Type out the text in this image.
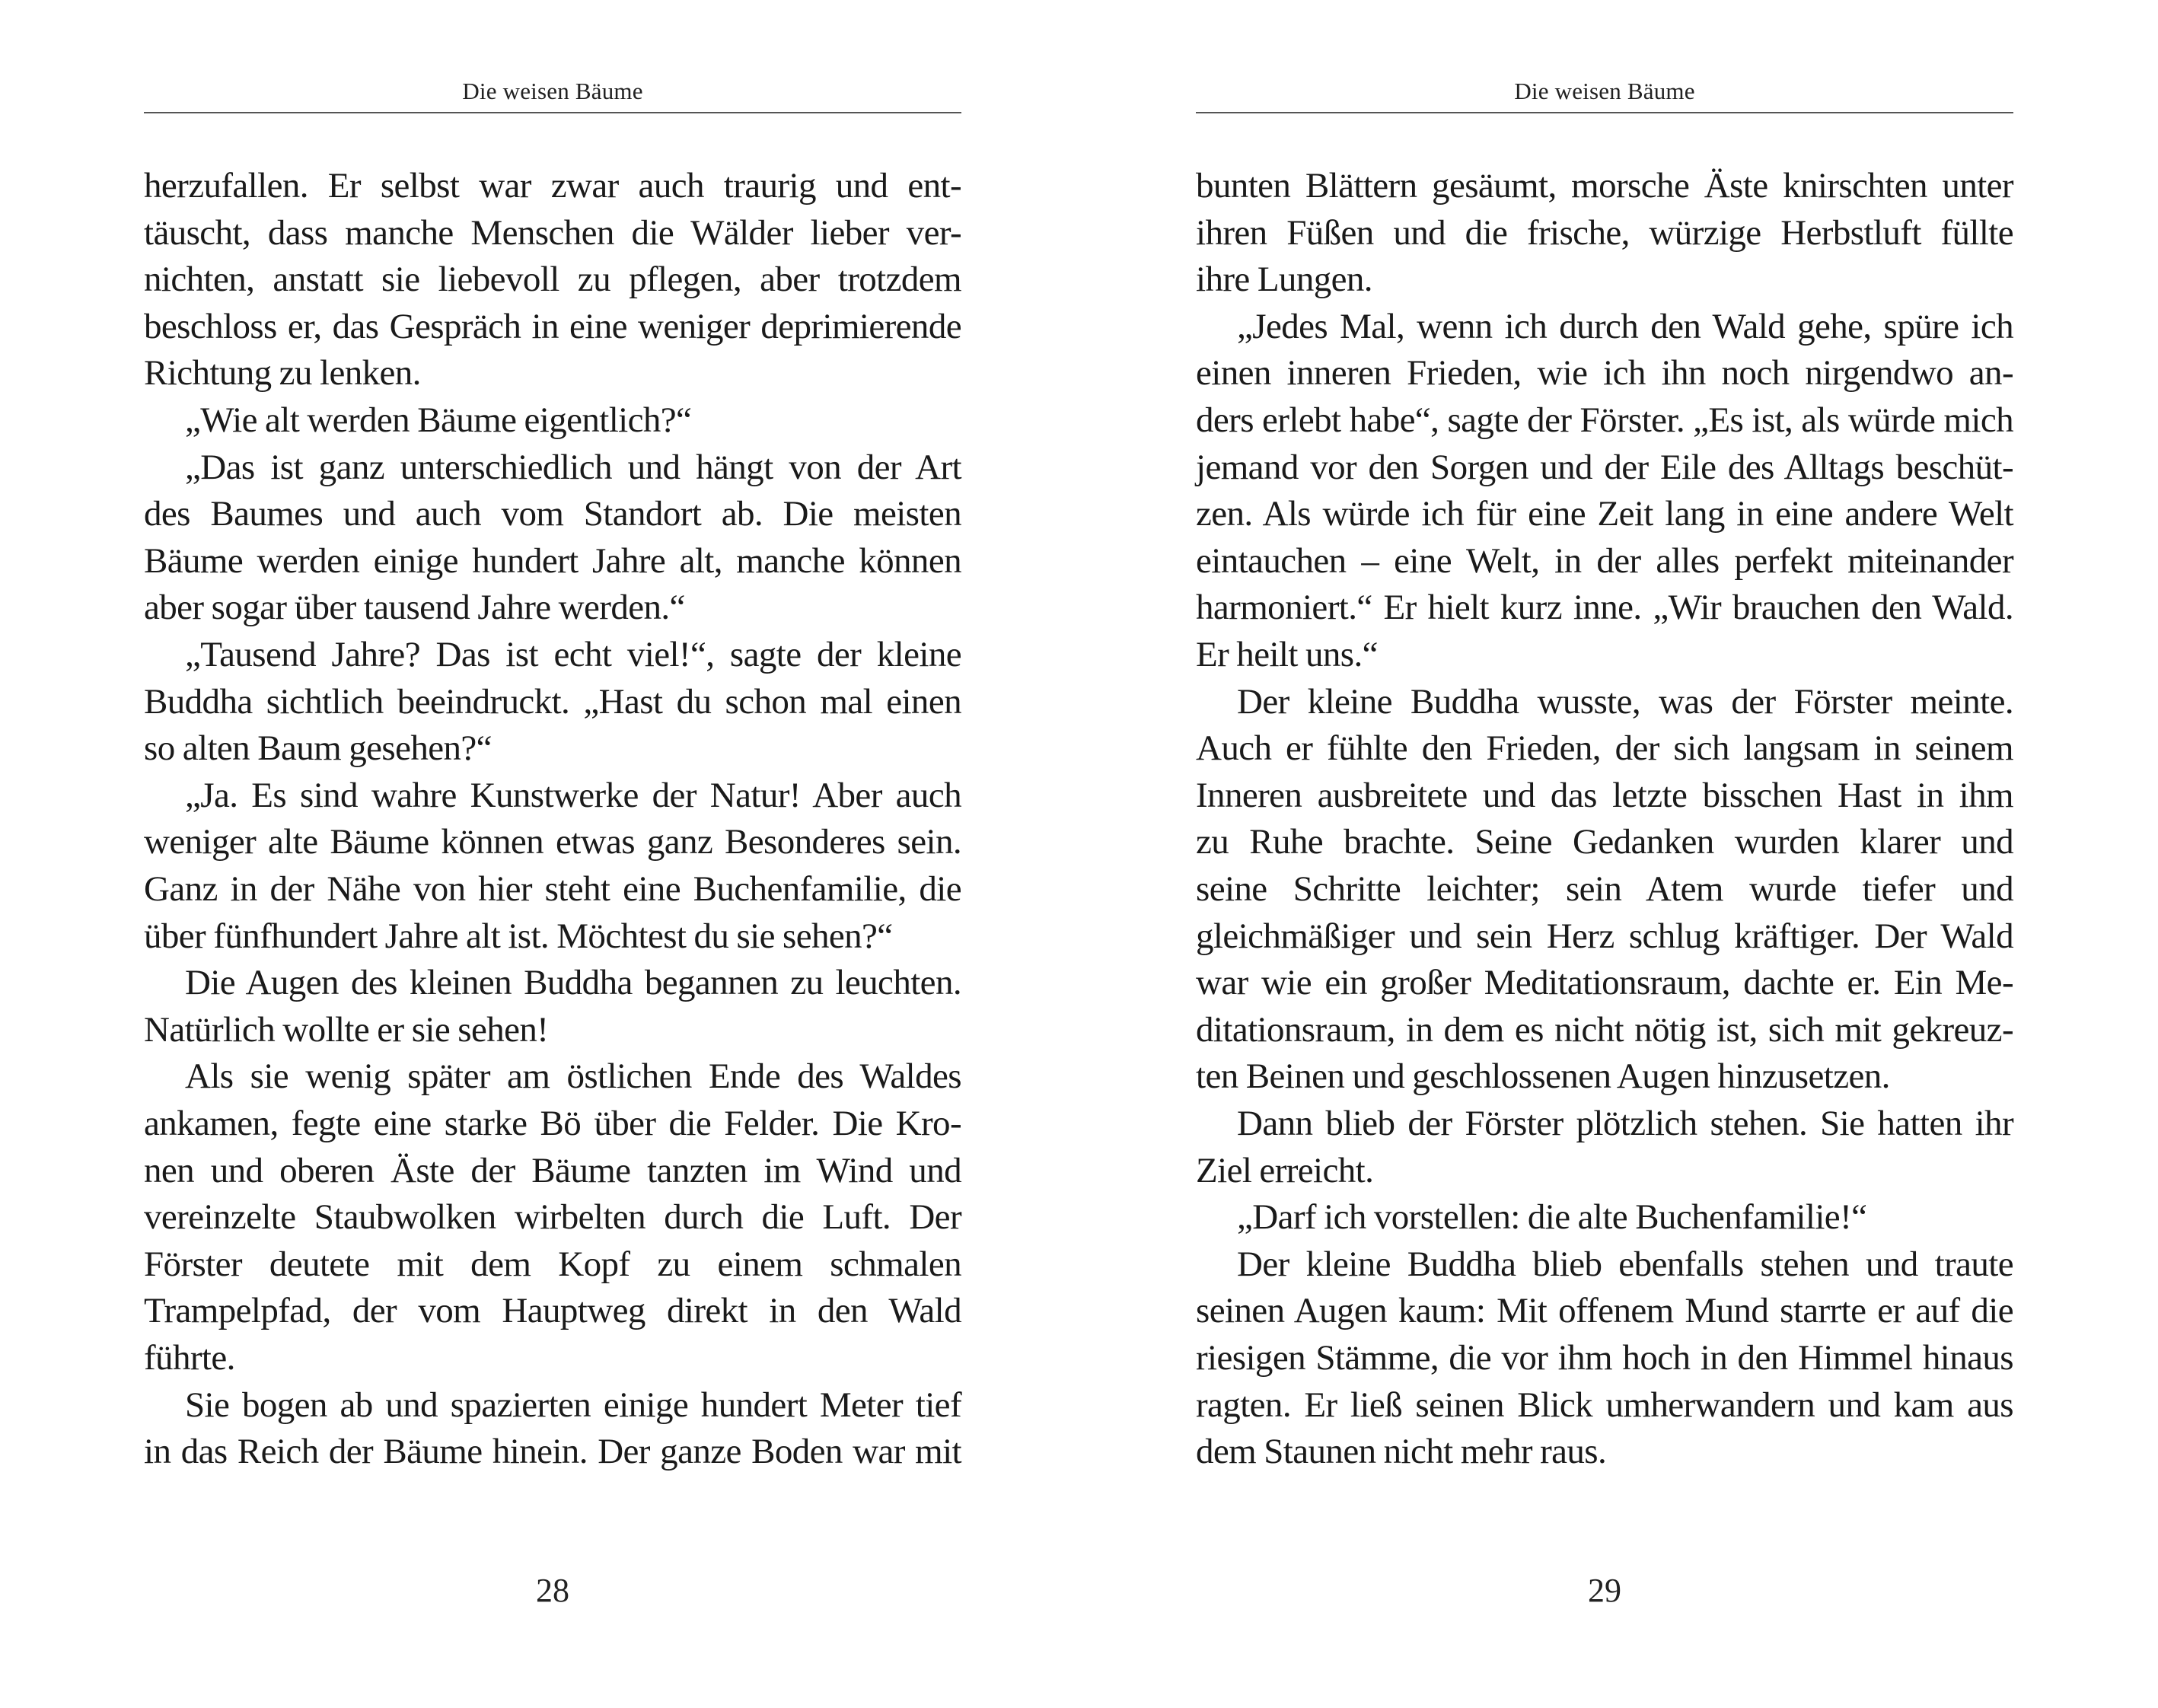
Die weisen Bäume
herzufallen. Er selbst war zwar auch traurig und ent-
täuscht, dass manche Menschen die Wälder lieber ver-
nichten, anstatt sie liebevoll zu pflegen, aber trotzdem
beschloss er, das Gespräch in eine weniger deprimierende
Richtung zu lenken.
„Wie alt werden Bäume eigentlich?“
„Das ist ganz unterschiedlich und hängt von der Art
des Baumes und auch vom Standort ab. Die meisten
Bäume werden einige hundert Jahre alt, manche können
aber sogar über tausend Jahre werden.“
„Tausend Jahre? Das ist echt viel!“, sagte der kleine
Buddha sichtlich beeindruckt. „Hast du schon mal einen
so alten Baum gesehen?“
„Ja. Es sind wahre Kunstwerke der Natur! Aber auch
weniger alte Bäume können etwas ganz Besonderes sein.
Ganz in der Nähe von hier steht eine Buchenfamilie, die
über fünfhundert Jahre alt ist. Möchtest du sie sehen?“
Die Augen des kleinen Buddha begannen zu leuchten.
Natürlich wollte er sie sehen!
Als sie wenig später am östlichen Ende des Waldes
ankamen, fegte eine starke Bö über die Felder. Die Kro-
nen und oberen Äste der Bäume tanzten im Wind und
vereinzelte Staubwolken wirbelten durch die Luft. Der
Förster deutete mit dem Kopf zu einem schmalen
Trampelpfad, der vom Hauptweg direkt in den Wald
führte.
Sie bogen ab und spazierten einige hundert Meter tief
in das Reich der Bäume hinein. Der ganze Boden war mit
28
Die weisen Bäume
bunten Blättern gesäumt, morsche Äste knirschten unter
ihren Füßen und die frische, würzige Herbstluft füllte
ihre Lungen.
„Jedes Mal, wenn ich durch den Wald gehe, spüre ich
einen inneren Frieden, wie ich ihn noch nirgendwo an-
ders erlebt habe“, sagte der Förster. „Es ist, als würde mich
jemand vor den Sorgen und der Eile des Alltags beschüt-
zen. Als würde ich für eine Zeit lang in eine andere Welt
eintauchen – eine Welt, in der alles perfekt miteinander
harmoniert.“ Er hielt kurz inne. „Wir brauchen den Wald.
Er heilt uns.“
Der kleine Buddha wusste, was der Förster meinte.
Auch er fühlte den Frieden, der sich langsam in seinem
Inneren ausbreitete und das letzte bisschen Hast in ihm
zu Ruhe brachte. Seine Gedanken wurden klarer und
seine Schritte leichter; sein Atem wurde tiefer und
gleichmäßiger und sein Herz schlug kräftiger. Der Wald
war wie ein großer Meditationsraum, dachte er. Ein Me-
ditationsraum, in dem es nicht nötig ist, sich mit gekreuz-
ten Beinen und geschlossenen Augen hinzusetzen.
Dann blieb der Förster plötzlich stehen. Sie hatten ihr
Ziel erreicht.
„Darf ich vorstellen: die alte Buchenfamilie!“
Der kleine Buddha blieb ebenfalls stehen und traute
seinen Augen kaum: Mit offenem Mund starrte er auf die
riesigen Stämme, die vor ihm hoch in den Himmel hinaus
ragten. Er ließ seinen Blick umherwandern und kam aus
dem Staunen nicht mehr raus.
29
